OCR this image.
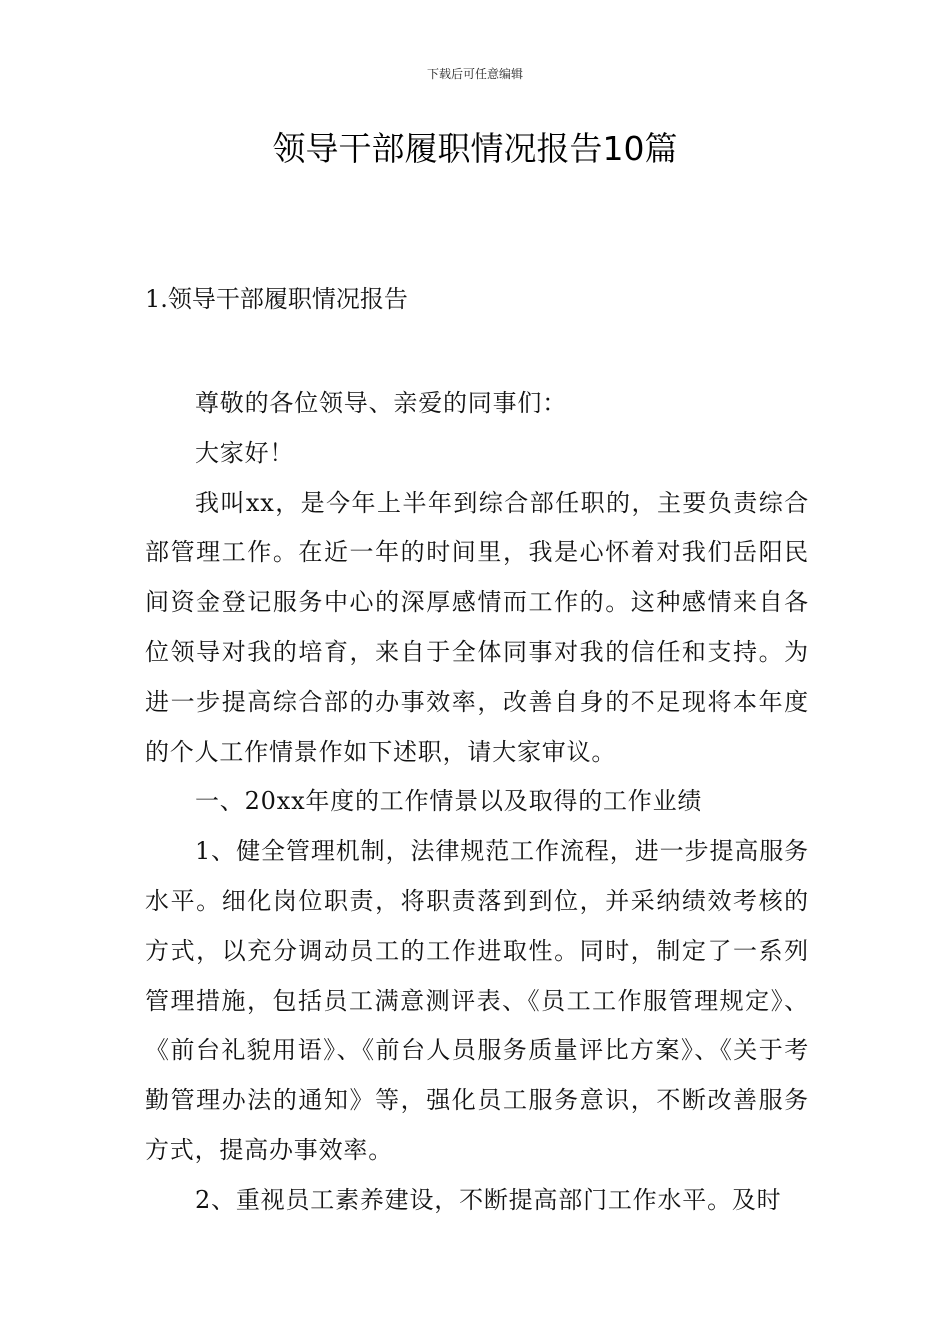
下载后可任意编辑
领导干部履职情况报告10篇
1.领导干部履职情况报告

尊敬的各位领导、亲爱的同事们：

大家好！

我叫xx，是今年上半年到综合部任职的，主要负责综合部管理工作。在近一年的时间里，我是心怀着对我们岳阳民间资金登记服务中心的深厚感情而工作的。这种感情来自各位领导对我的培育，来自于全体同事对我的信任和支持。为进一步提高综合部的办事效率，改善自身的不足现将本年度的个人工作情景作如下述职，请大家审议。

一、20xx年度的工作情景以及取得的工作业绩

1、健全管理机制，法律规范工作流程，进一步提高服务水平。细化岗位职责，将职责落到到位，并采纳绩效考核的方式，以充分调动员工的工作进取性。同时，制定了一系列管理措施，包括员工满意测评表、《员工工作服管理规定》、《前台礼貌用语》、《前台人员服务质量评比方案》、《关于考勤管理办法的通知》等，强化员工服务意识，不断改善服务方式，提高办事效率。

2、重视员工素养建设，不断提高部门工作水平。及时
